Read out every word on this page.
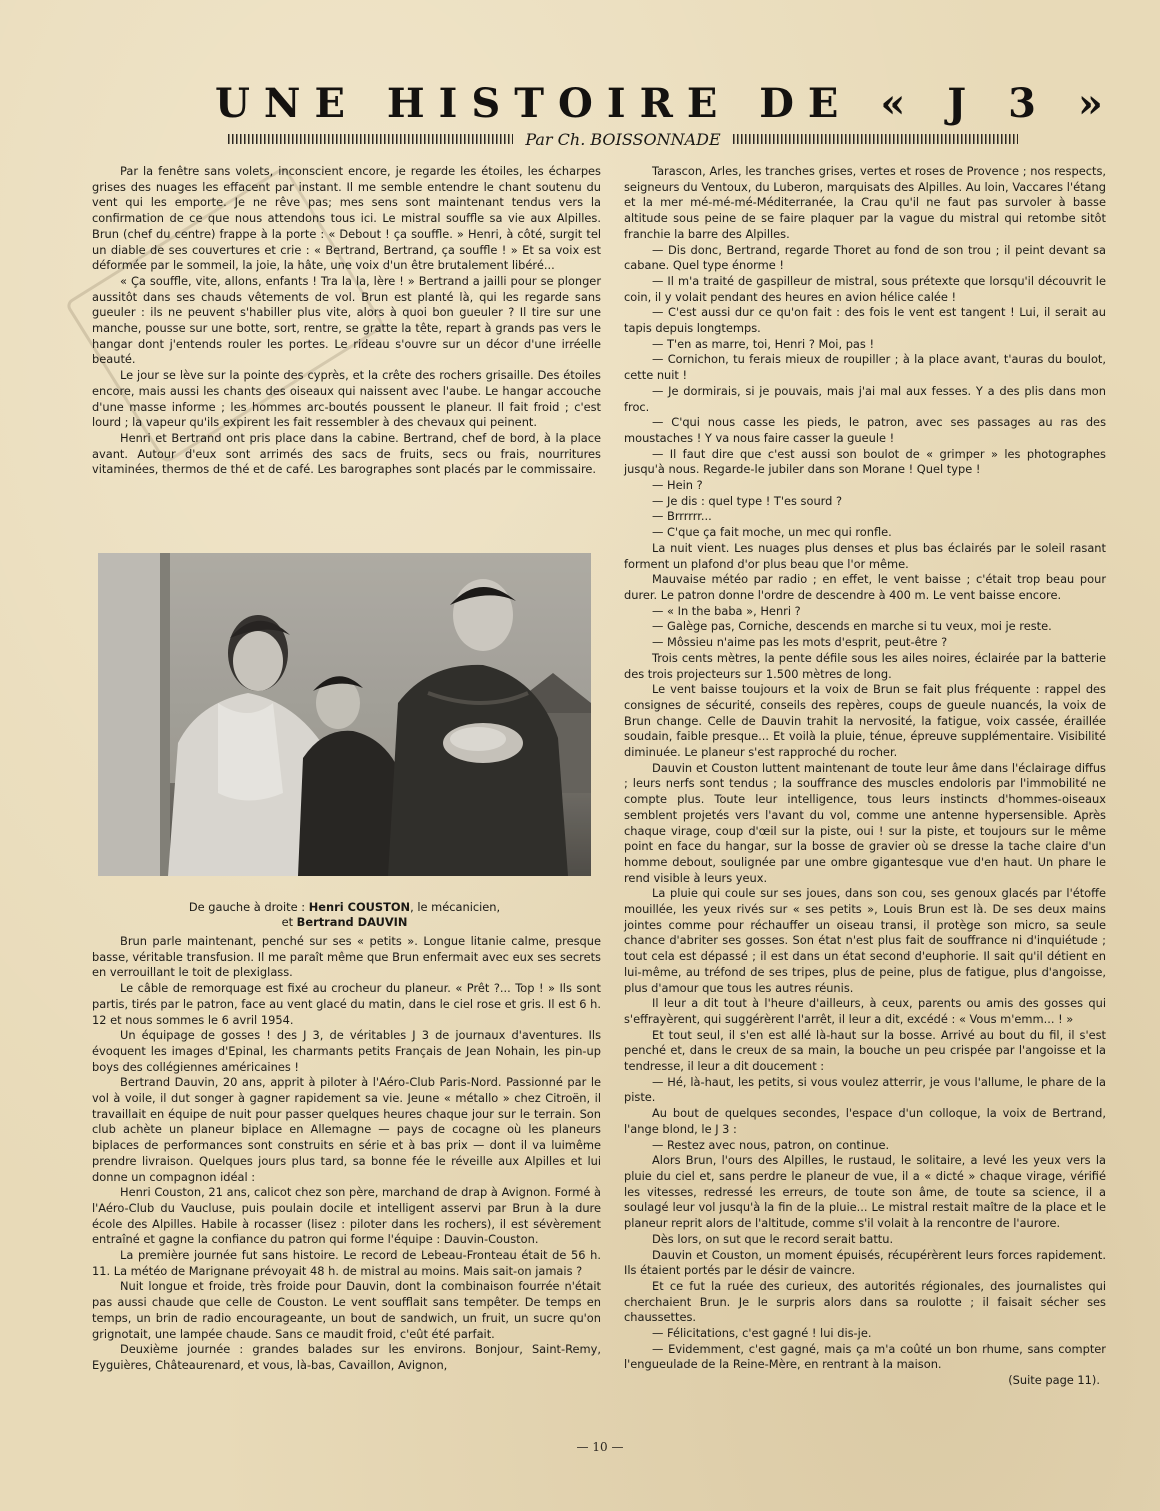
UNE HISTOIRE DE « J 3 »
Par Ch. BOISSONNADE

Par la fenêtre sans volets, inconscient encore, je regarde les étoiles, les écharpes grises des nuages les effacent par instant. Il me semble entendre le chant soutenu du vent qui les emporte. Je ne rêve pas; mes sens sont maintenant tendus vers la confirmation de ce que nous attendons tous ici. Le mistral souffle sa vie aux Alpilles. Brun (chef du centre) frappe à la porte : « Debout ! ça souffle. » Henri, à côté, surgit tel un diable de ses couvertures et crie : « Bertrand, Bertrand, ça souffle ! » Et sa voix est déformée par le sommeil, la joie, la hâte, une voix d'un être brutalement libéré...

« Ça souffle, vite, allons, enfants ! Tra la la, lère ! » Bertrand a jailli pour se plonger aussitôt dans ses chauds vêtements de vol. Brun est planté là, qui les regarde sans gueuler : ils ne peuvent s'habiller plus vite, alors à quoi bon gueuler ? Il tire sur une manche, pousse sur une botte, sort, rentre, se gratte la tête, repart à grands pas vers le hangar dont j'entends rouler les portes. Le rideau s'ouvre sur un décor d'une irréelle beauté.

Le jour se lève sur la pointe des cyprès, et la crête des rochers grisaille. Des étoiles encore, mais aussi les chants des oiseaux qui naissent avec l'aube. Le hangar accouche d'une masse informe ; les hommes arc-boutés poussent le planeur. Il fait froid ; c'est lourd ; la vapeur qu'ils expirent les fait ressembler à des chevaux qui peinent.

Henri et Bertrand ont pris place dans la cabine. Bertrand, chef de bord, à la place avant. Autour d'eux sont arrimés des sacs de fruits, secs ou frais, nourritures vitaminées, thermos de thé et de café. Les barographes sont placés par le commissaire.

De gauche à droite : Henri COUSTON, le mécanicien,
et Bertrand DAUVIN

Brun parle maintenant, penché sur ses « petits ». Longue litanie calme, presque basse, véritable transfusion. Il me paraît même que Brun enfermait avec eux ses secrets en verrouillant le toit de plexiglass.

Le câble de remorquage est fixé au crocheur du planeur. « Prêt ?... Top ! » Ils sont partis, tirés par le patron, face au vent glacé du matin, dans le ciel rose et gris. Il est 6 h. 12 et nous sommes le 6 avril 1954.

Un équipage de gosses ! des J 3, de véritables J 3 de journaux d'aventures. Ils évoquent les images d'Epinal, les charmants petits Français de Jean Nohain, les pin-up boys des collégiennes américaines !

Bertrand Dauvin, 20 ans, apprit à piloter à l'Aéro-Club Paris-Nord. Passionné par le vol à voile, il dut songer à gagner rapidement sa vie. Jeune « métallo » chez Citroën, il travaillait en équipe de nuit pour passer quelques heures chaque jour sur le terrain. Son club achète un planeur biplace en Allemagne — pays de cocagne où les planeurs biplaces de performances sont construits en série et à bas prix — dont il va luimême prendre livraison. Quelques jours plus tard, sa bonne fée le réveille aux Alpilles et lui donne un compagnon idéal :

Henri Couston, 21 ans, calicot chez son père, marchand de drap à Avignon. Formé à l'Aéro-Club du Vaucluse, puis poulain docile et intelligent asservi par Brun à la dure école des Alpilles. Habile à rocasser (lisez : piloter dans les rochers), il est sévèrement entraîné et gagne la confiance du patron qui forme l'équipe : Dauvin-Couston.

La première journée fut sans histoire. Le record de Lebeau-Fronteau était de 56 h. 11. La météo de Marignane prévoyait 48 h. de mistral au moins. Mais sait-on jamais ?

Nuit longue et froide, très froide pour Dauvin, dont la combinaison fourrée n'était pas aussi chaude que celle de Couston. Le vent soufflait sans tempêter. De temps en temps, un brin de radio encourageante, un bout de sandwich, un fruit, un sucre qu'on grignotait, une lampée chaude. Sans ce maudit froid, c'eût été parfait.

Deuxième journée : grandes balades sur les environs. Bonjour, Saint-Remy, Eyguières, Châteaurenard, et vous, là-bas, Cavaillon, Avignon,

Tarascon, Arles, les tranches grises, vertes et roses de Provence ; nos respects, seigneurs du Ventoux, du Luberon, marquisats des Alpilles. Au loin, Vaccares l'étang et la mer mé-mé-mé-Méditerranée, la Crau qu'il ne faut pas survoler à basse altitude sous peine de se faire plaquer par la vague du mistral qui retombe sitôt franchie la barre des Alpilles.

— Dis donc, Bertrand, regarde Thoret au fond de son trou ; il peint devant sa cabane. Quel type énorme !

— Il m'a traité de gaspilleur de mistral, sous prétexte que lorsqu'il découvrit le coin, il y volait pendant des heures en avion hélice calée !

— C'est aussi dur ce qu'on fait : des fois le vent est tangent ! Lui, il serait au tapis depuis longtemps.

— T'en as marre, toi, Henri ? Moi, pas !

— Cornichon, tu ferais mieux de roupiller ; à la place avant, t'auras du boulot, cette nuit !

— Je dormirais, si je pouvais, mais j'ai mal aux fesses. Y a des plis dans mon froc.

— C'qui nous casse les pieds, le patron, avec ses passages au ras des moustaches ! Y va nous faire casser la gueule !

— Il faut dire que c'est aussi son boulot de « grimper » les photographes jusqu'à nous. Regarde-le jubiler dans son Morane ! Quel type !

— Hein ?

— Je dis : quel type ! T'es sourd ?

— Brrrrrr...

— C'que ça fait moche, un mec qui ronfle.

La nuit vient. Les nuages plus denses et plus bas éclairés par le soleil rasant forment un plafond d'or plus beau que l'or même.

Mauvaise météo par radio ; en effet, le vent baisse ; c'était trop beau pour durer. Le patron donne l'ordre de descendre à 400 m. Le vent baisse encore.

— « In the baba », Henri ?

— Galège pas, Corniche, descends en marche si tu veux, moi je reste.

— Môssieu n'aime pas les mots d'esprit, peut-être ?

Trois cents mètres, la pente défile sous les ailes noires, éclairée par la batterie des trois projecteurs sur 1.500 mètres de long.

Le vent baisse toujours et la voix de Brun se fait plus fréquente : rappel des consignes de sécurité, conseils des repères, coups de gueule nuancés, la voix de Brun change. Celle de Dauvin trahit la nervosité, la fatigue, voix cassée, éraillée soudain, faible presque... Et voilà la pluie, ténue, épreuve supplémentaire. Visibilité diminuée. Le planeur s'est rapproché du rocher.

Dauvin et Couston luttent maintenant de toute leur âme dans l'éclairage diffus ; leurs nerfs sont tendus ; la souffrance des muscles endoloris par l'immobilité ne compte plus. Toute leur intelligence, tous leurs instincts d'hommes-oiseaux semblent projetés vers l'avant du vol, comme une antenne hypersensible. Après chaque virage, coup d'œil sur la piste, oui ! sur la piste, et toujours sur le même point en face du hangar, sur la bosse de gravier où se dresse la tache claire d'un homme debout, soulignée par une ombre gigantesque vue d'en haut. Un phare le rend visible à leurs yeux.

La pluie qui coule sur ses joues, dans son cou, ses genoux glacés par l'étoffe mouillée, les yeux rivés sur « ses petits », Louis Brun est là. De ses deux mains jointes comme pour réchauffer un oiseau transi, il protège son micro, sa seule chance d'abriter ses gosses. Son état n'est plus fait de souffrance ni d'inquiétude ; tout cela est dépassé ; il est dans un état second d'euphorie. Il sait qu'il détient en lui-même, au tréfond de ses tripes, plus de peine, plus de fatigue, plus d'angoisse, plus d'amour que tous les autres réunis.

Il leur a dit tout à l'heure d'ailleurs, à ceux, parents ou amis des gosses qui s'effrayèrent, qui suggérèrent l'arrêt, il leur a dit, excédé : « Vous m'emm... ! »

Et tout seul, il s'en est allé là-haut sur la bosse. Arrivé au bout du fil, il s'est penché et, dans le creux de sa main, la bouche un peu crispée par l'angoisse et la tendresse, il leur a dit doucement :

— Hé, là-haut, les petits, si vous voulez atterrir, je vous l'allume, le phare de la piste.

Au bout de quelques secondes, l'espace d'un colloque, la voix de Bertrand, l'ange blond, le J 3 :

— Restez avec nous, patron, on continue.

Alors Brun, l'ours des Alpilles, le rustaud, le solitaire, a levé les yeux vers la pluie du ciel et, sans perdre le planeur de vue, il a « dicté » chaque virage, vérifié les vitesses, redressé les erreurs, de toute son âme, de toute sa science, il a soulagé leur vol jusqu'à la fin de la pluie... Le mistral restait maître de la place et le planeur reprit alors de l'altitude, comme s'il volait à la rencontre de l'aurore.

Dès lors, on sut que le record serait battu.

Dauvin et Couston, un moment épuisés, récupérèrent leurs forces rapidement. Ils étaient portés par le désir de vaincre.

Et ce fut la ruée des curieux, des autorités régionales, des journalistes qui cherchaient Brun. Je le surpris alors dans sa roulotte ; il faisait sécher ses chaussettes.

— Félicitations, c'est gagné ! lui dis-je.

— Evidemment, c'est gagné, mais ça m'a coûté un bon rhume, sans compter l'engueulade de la Reine-Mère, en rentrant à la maison.

(Suite page 11).

— 10 —
